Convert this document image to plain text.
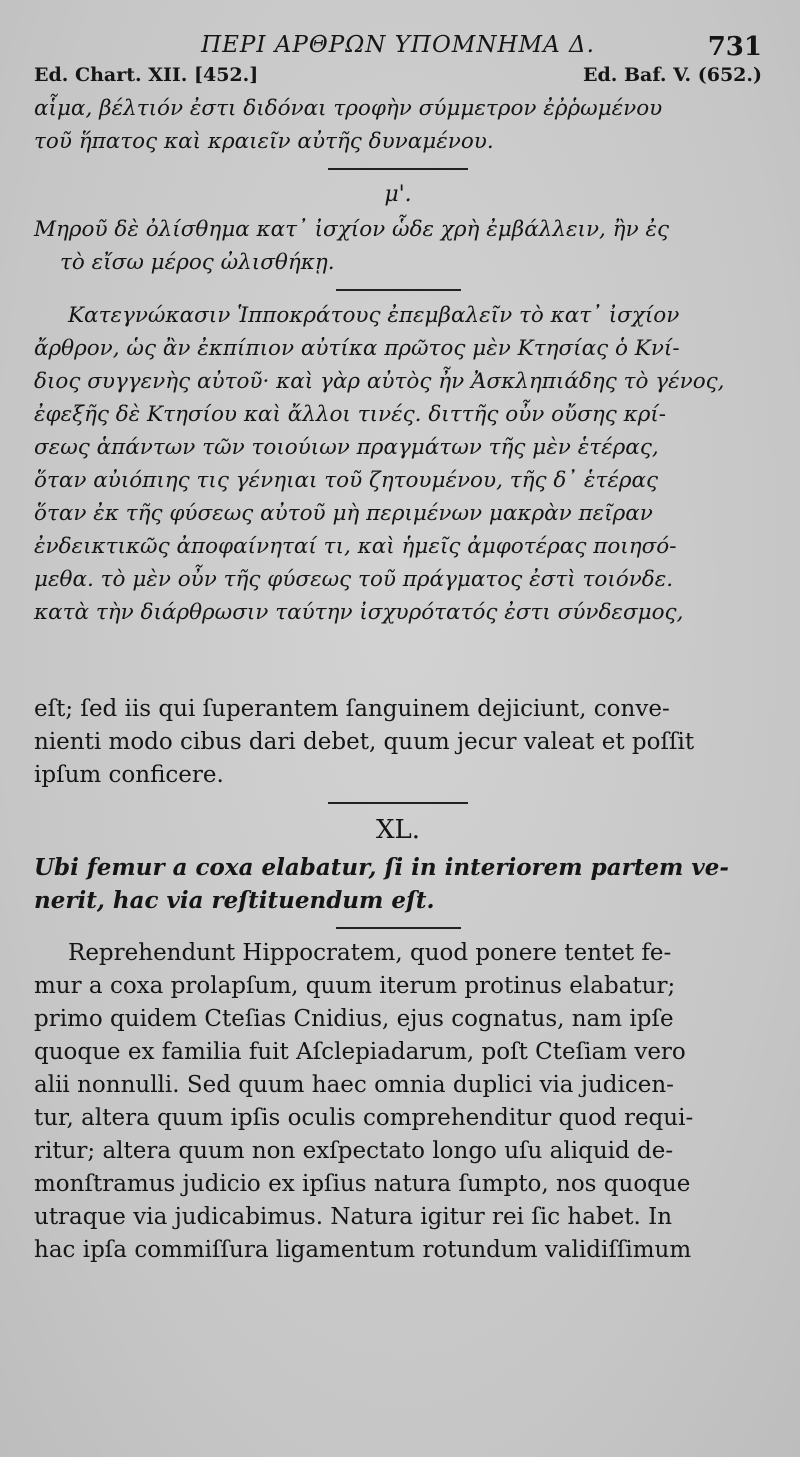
ΠΕΡΙ ΑΡΘΡΩΝ ΥΠΟΜΝΗΜΑ Δ.	731
Ed. Chart. XII. [452.]	Ed. Baf. V. (652.)

αἷμα, βέλτιόν ἐστι διδόναι τροφὴν σύμμετρον ἐῤῥωμένου

τοῦ ἥπατος καὶ κραιεῖν αὐτῆς δυναμένου.

μ'.

Μηροῦ δὲ ὀλίσθημα κατ᾽ ἰσχίον ὧδε χρὴ ἐμβάλλειν, ἢν ἐς

τὸ εἴσω μέρος ὠλισθήκῃ.

Κατεγνώκασιν Ἱπποκράτους ἐπεμβαλεῖν τὸ κατ᾽ ἰσχίον

ἄρθρον, ὡς ἂν ἐκπίπιον αὐτίκα πρῶτος μὲν Κτησίας ὁ Κνί-

διος συγγενὴς αὐτοῦ· καὶ γὰρ αὐτὸς ἦν Ἀσκληπιάδης τὸ γένος,

ἐφεξῆς δὲ Κτησίου καὶ ἄλλοι τινές. διττῆς οὖν οὔσης κρί-

σεως ἁπάντων τῶν τοιούιων πραγμάτων τῆς μὲν ἑτέρας,

ὅταν αὐιόπιης τις γένηιαι τοῦ ζητουμένου, τῆς δ᾽ ἑτέρας

ὅταν ἐκ τῆς φύσεως αὐτοῦ μὴ περιμένων μακρὰν πεῖραν

ἐνδεικτικῶς ἀποφαίνηταί τι, καὶ ἡμεῖς ἀμφοτέρας ποιησό-

μεθα. τὸ μὲν οὖν τῆς φύσεως τοῦ πράγματος ἐστὶ τοιόνδε.

κατὰ τὴν διάρθρωσιν ταύτην ἰσχυρότατός ἐστι σύνδεσμος,

eſt; ſed iis qui ſuperantem ſanguinem dejiciunt, conve-

nienti modo cibus dari debet, quum jecur valeat et poſſit

ipſum conficere.

XL.

Ubi femur a coxa elabatur, ſi in interiorem partem ve-

nerit, hac via reſtituendum eſt.

Reprehendunt Hippocratem, quod ponere tentet fe-

mur a coxa prolapſum, quum iterum protinus elabatur;

primo quidem Cteſias Cnidius, ejus cognatus, nam ipſe

quoque ex familia fuit Aſclepiadarum, poſt Cteſiam vero

alii nonnulli. Sed quum haec omnia duplici via judicen-

tur, altera quum ipſis oculis comprehenditur quod requi-

ritur; altera quum non exſpectato longo uſu aliquid de-

monſtramus judicio ex ipſius natura ſumpto, nos quoque

utraque via judicabimus. Natura igitur rei ſic habet. In

hac ipſa commiſſura ligamentum rotundum validiſſimum
